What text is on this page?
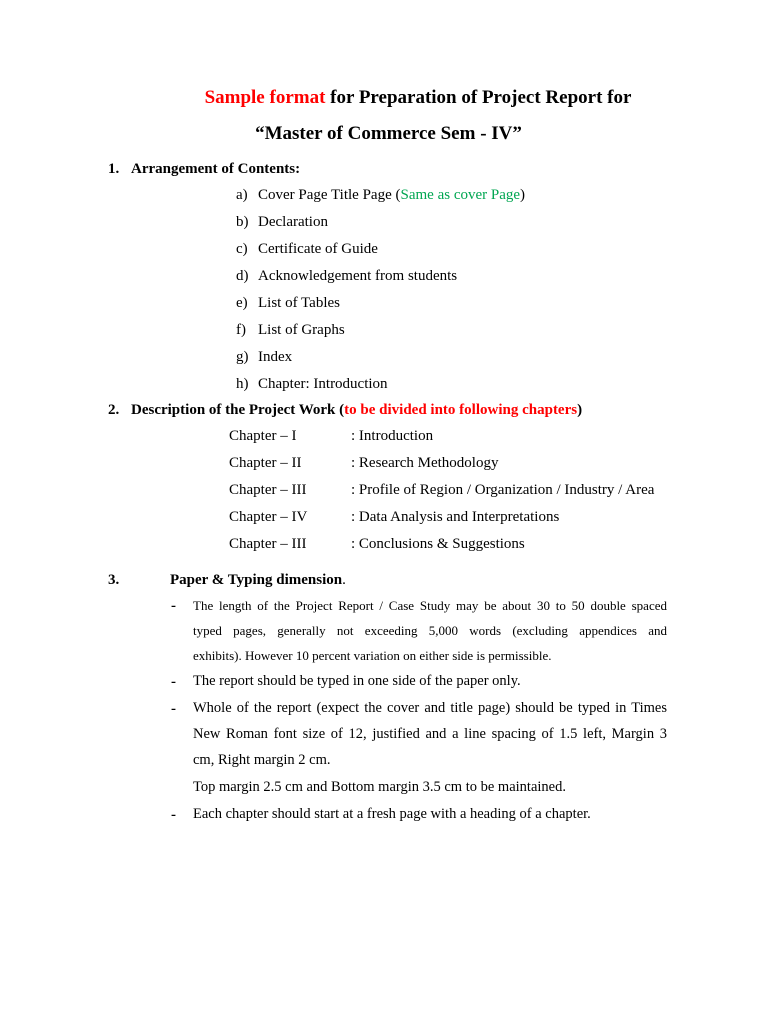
Sample format for Preparation of Project Report for
“Master of Commerce Sem - IV”
1. Arrangement of Contents:
a) Cover Page Title Page (Same as cover Page)
b) Declaration
c) Certificate of Guide
d) Acknowledgement from students
e) List of Tables
f) List of Graphs
g) Index
h) Chapter: Introduction
2. Description of the Project Work (to be divided into following chapters)
Chapter – I	: Introduction
Chapter – II	: Research Methodology
Chapter – III	: Profile of Region / Organization / Industry / Area
Chapter – IV	: Data Analysis and Interpretations
Chapter – III	: Conclusions & Suggestions
3.	Paper & Typing dimension.
- The length of the Project Report / Case Study may be about 30 to 50 double spaced
typed pages, generally not exceeding 5,000 words (excluding appendices and
exhibits). However 10 percent variation on either side is permissible.
- The report should be typed in one side of the paper only.
- Whole of the report (expect the cover and title page) should be typed in Times
New Roman font size of 12, justified and a line spacing of 1.5 left, Margin 3
cm, Right margin 2 cm.
Top margin 2.5 cm and Bottom margin 3.5 cm to be maintained.
- Each chapter should start at a fresh page with a heading of a chapter.
